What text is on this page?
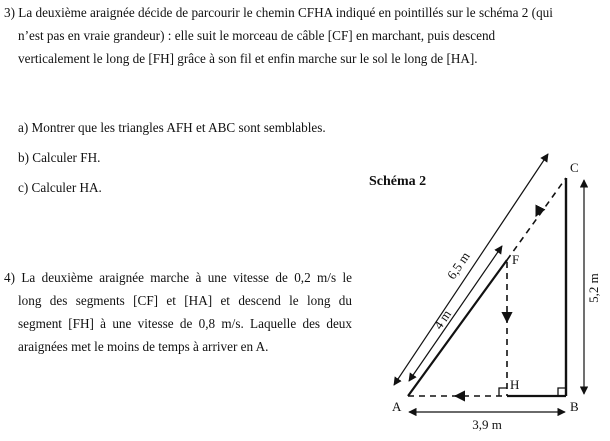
3) La deuxième araignée décide de parcourir le chemin CFHA indiqué en pointillés sur le schéma 2 (qui
n’est pas en vraie grandeur) : elle suit le morceau de câble [CF] en marchant, puis descend
verticalement le long de [FH] grâce à son fil et enfin marche sur le sol le long de [HA].
a) Montrer que les triangles AFH et ABC sont semblables.
b) Calculer FH.
c) Calculer HA.
4) La deuxième araignée marche à une vitesse de 0,2 m/s le
long des segments [CF] et [HA] et descend le long du
segment [FH] à une vitesse de 0,8 m/s. Laquelle des deux
araignées met le moins de temps à arriver en A.
Schéma 2
C
F
H
A	B
6,5 m
4 m
5,2 m
3,9 m
